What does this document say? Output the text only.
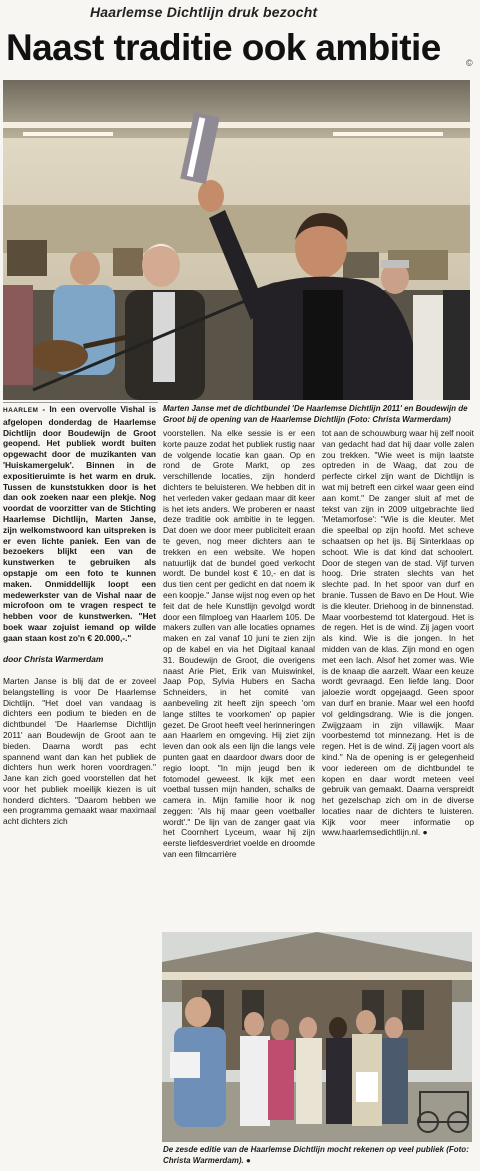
Haarlemse Dichtlijn druk bezocht
Naast traditie ook ambitie	©
Marten Janse met de dichtbundel 'De Haarlemse Dichtlijn 2011' en Boudewijn de Groot bij de opening van de Haarlemse Dichtlijn (Foto: Christa Warmerdam)

HAARLEM - In een overvolle Vishal is afgelopen donderdag de Haarlemse Dichtlijn door Boudewijn de Groot geopend. Het publiek wordt buiten opgewacht door de muzikanten van 'Huiskamergeluk'. Binnen in de expositieruimte is het warm en druk. Tussen de kunststukken door is het dan ook zoeken naar een plekje. Nog voordat de voorzitter van de Stichting Haarlemse Dichtlijn, Marten Janse, zijn welkomstwoord kan uitspreken is er even lichte paniek. Een van de bezoekers blijkt een van de kunstwerken te gebruiken als opstapje om een foto te kunnen maken. Onmiddellijk loopt een medewerkster van de Vishal naar de microfoon om te vragen respect te hebben voor de kunstwerken. "Het boek waar zojuist iemand op wilde gaan staan kost zo'n € 20.000,-."

door Christa Warmerdam

Marten Janse is blij dat de er zoveel belangstelling is voor De Haarlemse Dichtlijn. "Het doel van vandaag is dichters een podium te bieden en de dichtbundel 'De Haarlemse Dichtlijn 2011' aan Boudewijn de Groot aan te bieden. Daarna wordt pas echt spannend want dan kan het publiek de dichters hun werk horen voordragen." Jane kan zich goed voorstellen dat het voor het publiek moeilijk kiezen is uit honderd dichters. "Daarom hebben we een programma gemaakt waar maximaal acht dichters zich

voorstellen. Na elke sessie is er een korte pauze zodat het publiek rustig naar de volgende locatie kan gaan. Op en rond de Grote Markt, op zes verschillende locaties, zijn honderd dichters te beluisteren. We hebben dit in het verleden vaker gedaan maar dit keer is het iets anders. We proberen er naast deze traditie ook ambitie in te leggen. Dat doen we door meer publiciteit eraan te geven, nog meer dichters aan te trekken en een website. We hopen natuurlijk dat de bundel goed verkocht wordt. De bundel kost € 10,- en dat is dus tien cent per gedicht en dat noem ik een koopje." Janse wijst nog even op het feit dat de hele Kunstlijn gevolgd wordt door een filmploeg van Haarlem 105. De makers zullen van alle locaties opnames maken en zal vanaf 10 juni te zien zijn op de kabel en via het Digitaal kanaal 31. Boudewijn de Groot, die overigens naast Arie Piet, Erik van Muiswinkel, Jaap Pop, Sylvia Hubers en Sacha Schneiders, in het comité van aanbeveling zit heeft zijn speech 'om lange stiltes te voorkomen' op papier gezet. De Groot heeft veel herinneringen aan Haarlem en omgeving. Hij ziet zijn leven dan ook als een lijn die langs vele punten gaat en daardoor dwars door de regio loopt. "In mijn jeugd ben ik fotomodel geweest. Ik kijk met een voetbal tussen mijn handen, schalks de camera in. Mijn familie hoor ik nog zeggen: 'Als hij maar geen voetballer wordt'." De lijn van de zanger gaat via het Coornhert Lyceum, waar hij zijn eerste liefdesverdriet voelde en droomde van een filmcarrière

tot aan de schouwburg waar hij zelf nooit van gedacht had dat hij daar volle zalen zou trekken. "Wie weet is mijn laatste optreden in de Waag, dat zou de perfecte cirkel zijn want de Dichtlijn is wat mij betreft een cirkel waar geen eind aan komt." De zanger sluit af met de tekst van zijn in 2009 uitgebrachte lied 'Metamorfose': "Wie is die kleuter. Met die speelbal op zijn hoofd. Met scheve schaatsen op het ijs. Bij Sinterklaas op schoot. Wie is dat kind dat schoolert. Door de stegen van de stad. Vijf turven hoog. Drie straten slechts van het slechte pad. In het spoor van durf en branie. Tussen de Bavo en De Hout. Wie is die kleuter. Driehoog in de binnenstad. Maar voorbestemd tot klatergoud. Het is de regen. Het is de wind. Zij jagen voort als kind. Wie is die jongen. In het midden van de klas. Zijn mond en ogen met een lach. Alsof het zomer was. Wie is de knaap die aarzelt. Waar een keuze wordt gevraagd. Een liefde lang. Door jaloezie wordt opgejaagd. Geen spoor van durf en branie. Maar wel een hoofd vol geldingsdrang. Wie is die jongen. Zwijgzaam in zijn villawijk. Maar voorbestemd tot minnezang. Het is de regen. Het is de wind. Zij jagen voort als kind." Na de opening is er gelegenheid voor iedereen om de dichtbundel te kopen en daar wordt meteen veel gebruik van gemaakt. Daarna verspreidt het gezelschap zich om in de diverse locaties naar de dichters te luisteren. Kijk voor meer informatie op www.haarlemsedichtlijn.nl. ●

De zesde editie van de Haarlemse Dichtlijn mocht rekenen op veel publiek (Foto: Christa Warmerdam). ●
